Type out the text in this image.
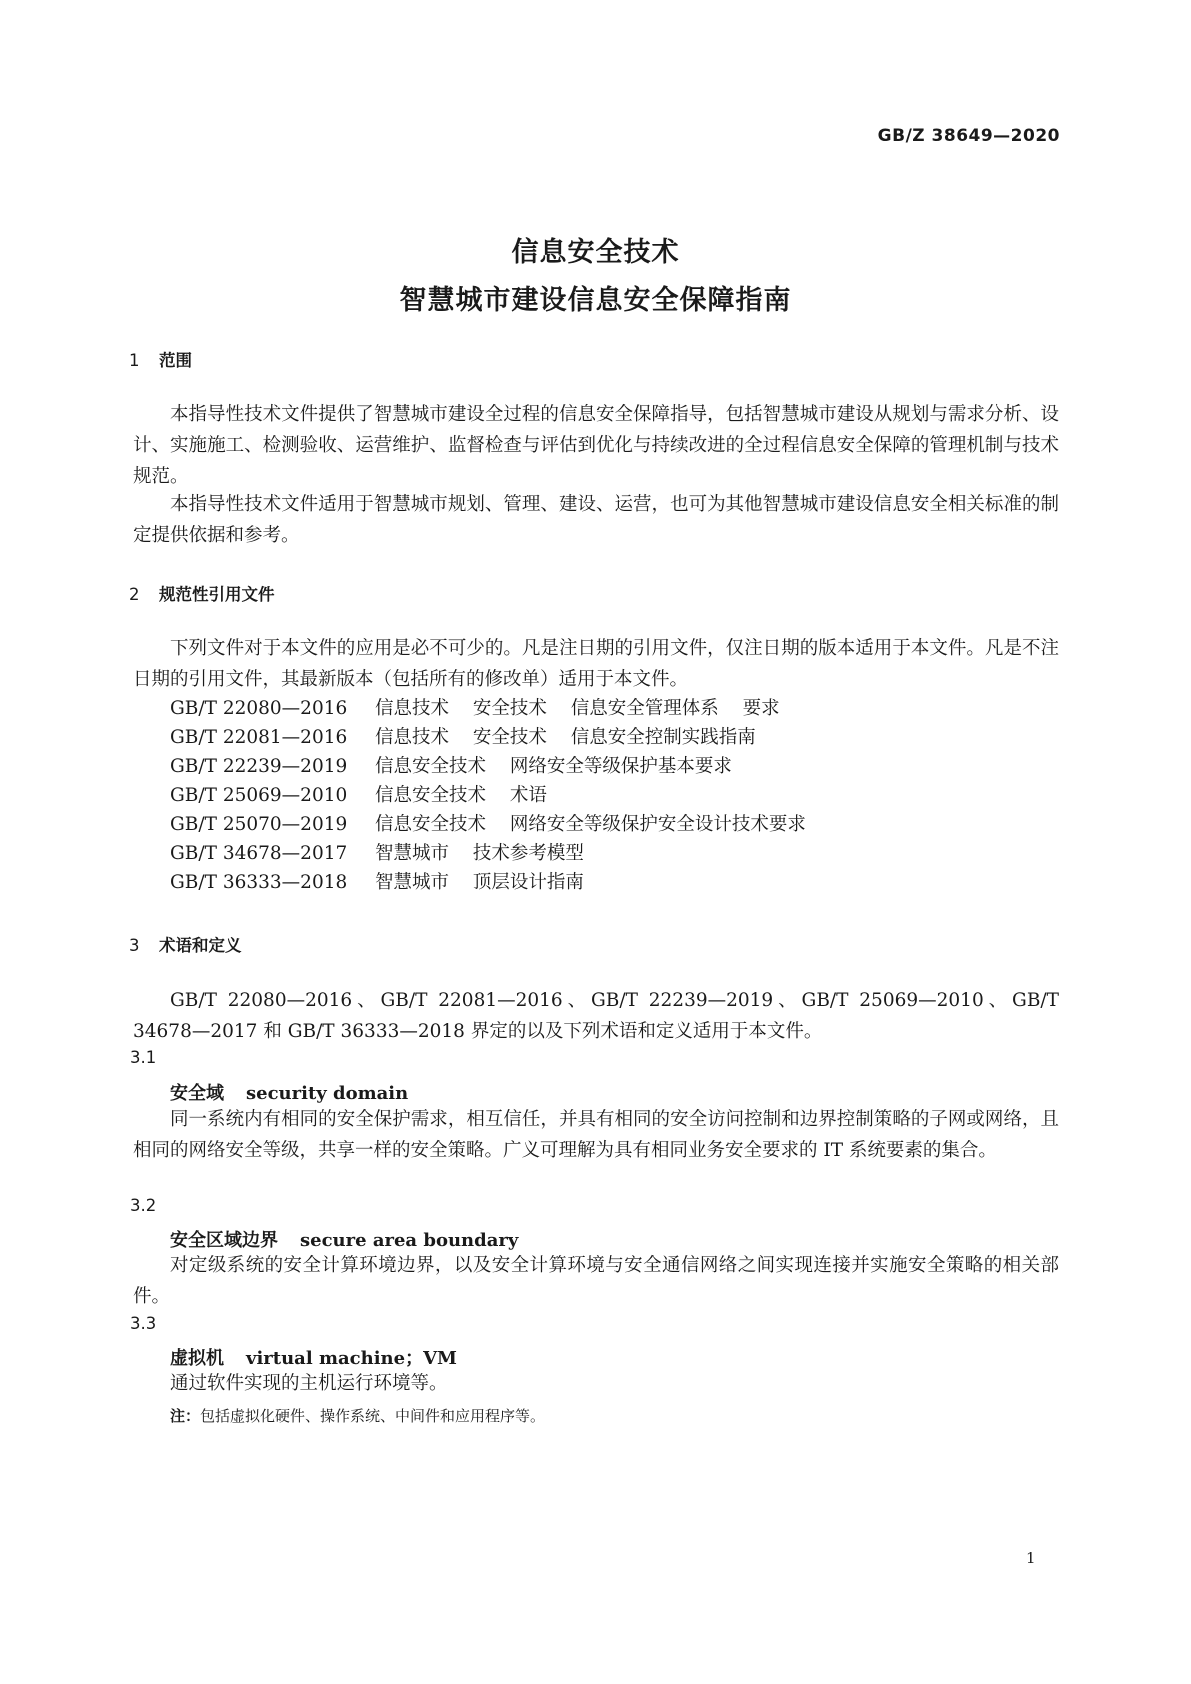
GB/Z 38649—2020
信息安全技术
智慧城市建设信息安全保障指南
1 范围
本指导性技术文件提供了智慧城市建设全过程的信息安全保障指导，包括智慧城市建设从规划与需求分析、设计、实施施工、检测验收、运营维护、监督检查与评估到优化与持续改进的全过程信息安全保障的管理机制与技术规范。
本指导性技术文件适用于智慧城市规划、管理、建设、运营，也可为其他智慧城市建设信息安全相关标准的制定提供依据和参考。
2 规范性引用文件
下列文件对于本文件的应用是必不可少的。凡是注日期的引用文件，仅注日期的版本适用于本文件。凡是不注日期的引用文件，其最新版本（包括所有的修改单）适用于本文件。
GB/T 22080—2016 信息技术 安全技术 信息安全管理体系 要求
GB/T 22081—2016 信息技术 安全技术 信息安全控制实践指南
GB/T 22239—2019 信息安全技术 网络安全等级保护基本要求
GB/T 25069—2010 信息安全技术 术语
GB/T 25070—2019 信息安全技术 网络安全等级保护安全设计技术要求
GB/T 34678—2017 智慧城市 技术参考模型
GB/T 36333—2018 智慧城市 顶层设计指南
3 术语和定义
GB/T 22080—2016、GB/T 22081—2016、GB/T 22239—2019、GB/T 25069—2010、GB/T 34678—2017 和 GB/T 36333—2018 界定的以及下列术语和定义适用于本文件。
3.1
安全域 security domain
同一系统内有相同的安全保护需求，相互信任，并具有相同的安全访问控制和边界控制策略的子网或网络，且相同的网络安全等级，共享一样的安全策略。广义可理解为具有相同业务安全要求的 IT 系统要素的集合。
3.2
安全区域边界 secure area boundary
对定级系统的安全计算环境边界，以及安全计算环境与安全通信网络之间实现连接并实施安全策略的相关部件。
3.3
虚拟机 virtual machine；VM
通过软件实现的主机运行环境等。
注：包括虚拟化硬件、操作系统、中间件和应用程序等。
1
